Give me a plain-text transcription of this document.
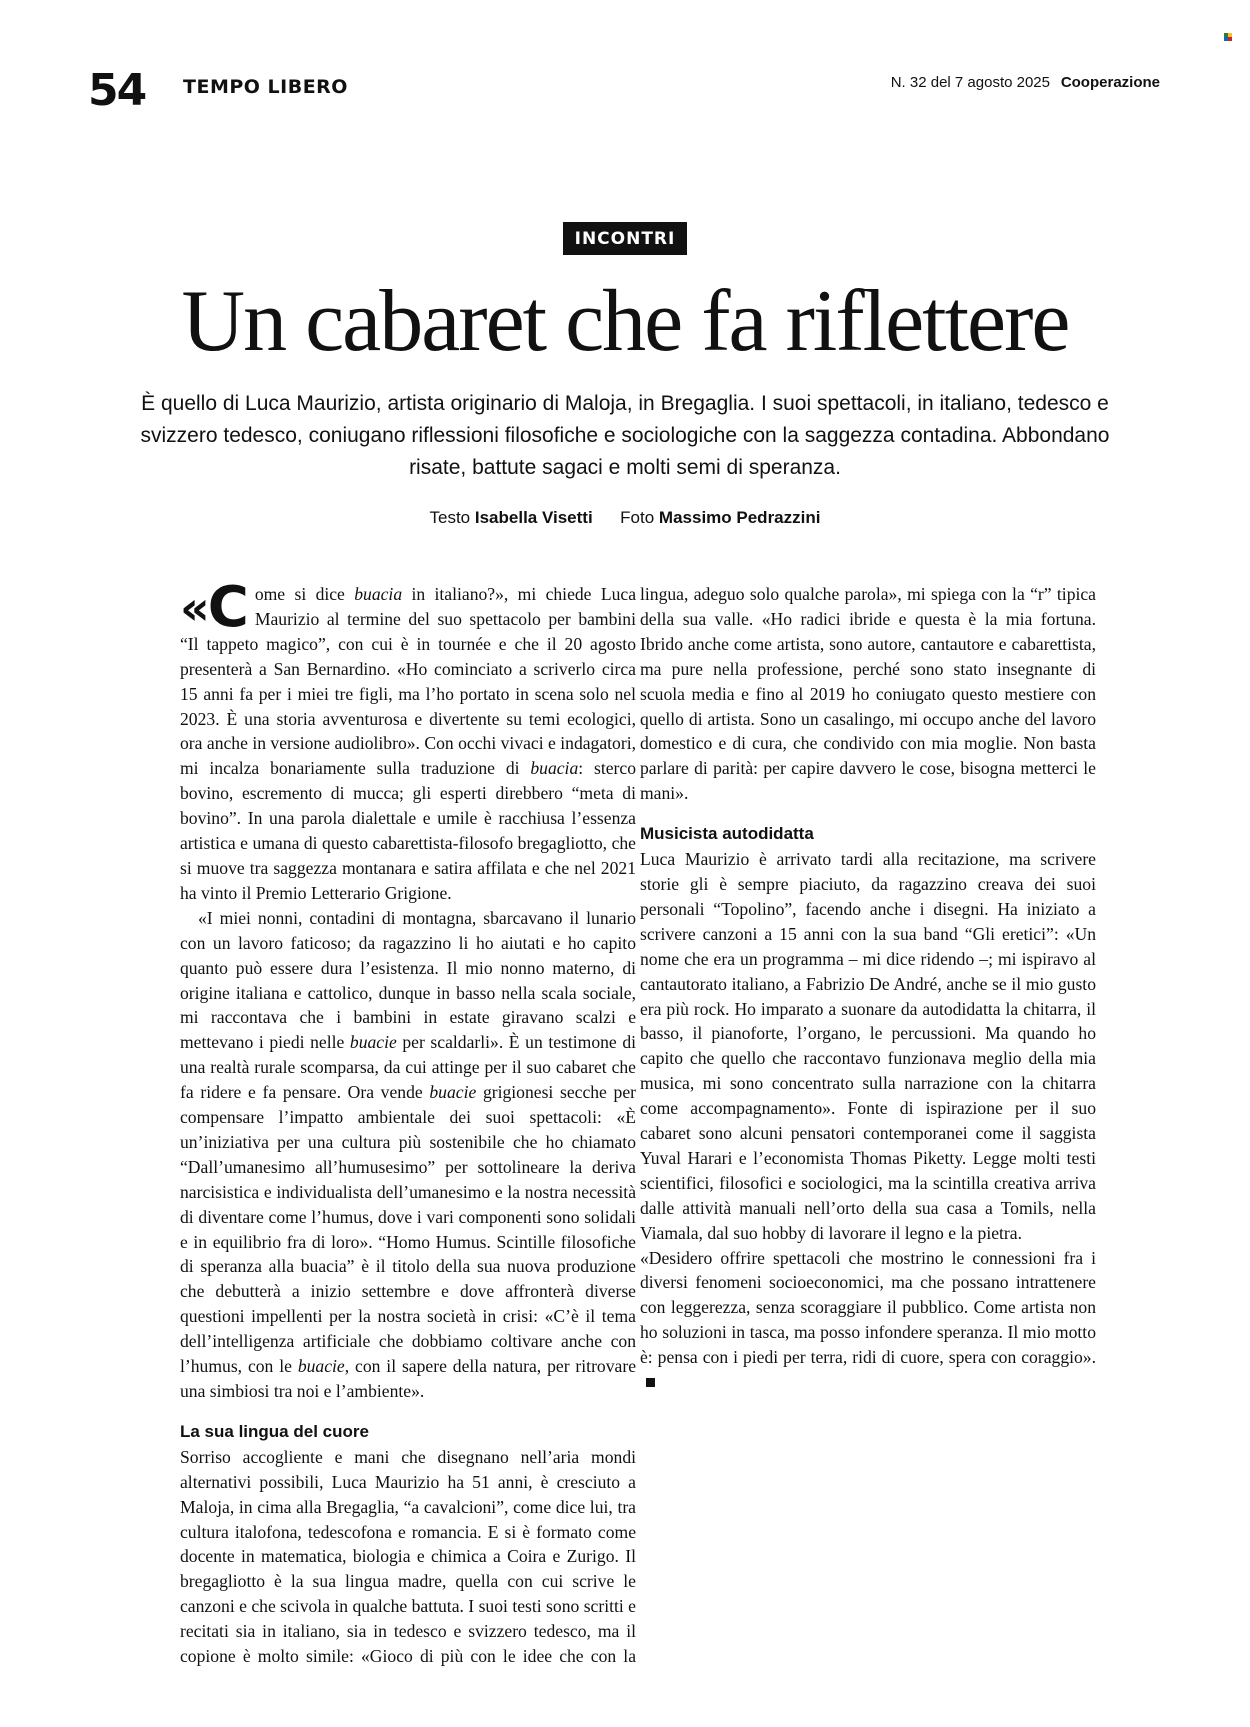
54 TEMPO LIBERO	N. 32 del 7 agosto 2025 Cooperazione
INCONTRI
Un cabaret che fa riflettere

È quello di Luca Maurizio, artista originario di Maloja, in Bregaglia. I suoi spettacoli, in italiano, tedesco e svizzero tedesco, coniugano riflessioni filosofiche e sociologiche con la saggezza contadina. Abbondano risate, battute sagaci e molti semi di speranza.

Testo Isabella Visetti Foto Massimo Pedrazzini

« C ome si dice buacia in italiano?», mi chiede Luca Maurizio al termine del suo spettacolo per bambini “Il tappeto magico”, con cui è in tournée e che il 20 agosto presenterà a San Bernardino. «Ho cominciato a scriverlo circa 15 anni fa per i miei tre figli, ma l’ho portato in scena solo nel 2023. È una storia avventurosa e divertente su temi ecologici, ora anche in versione audiolibro». Con occhi vivaci e indagatori, mi incalza bonariamente sulla traduzione di buacia: sterco bovino, escremento di mucca; gli esperti direbbero “meta di bovino”. In una parola dialettale e umile è racchiusa l’essenza artistica e umana di questo cabarettista-filosofo bregagliotto, che si muove tra saggezza montanara e satira affilata e che nel 2021 ha vinto il Premio Letterario Grigione.

«I miei nonni, contadini di montagna, sbarcavano il lunario con un lavoro faticoso; da ragazzino li ho aiutati e ho capito quanto può essere dura l’esistenza. Il mio nonno materno, di origine italiana e cattolico, dunque in basso nella scala sociale, mi raccontava che i bambini in estate giravano scalzi e mettevano i piedi nelle buacie per scaldarli». È un testimone di una realtà rurale scomparsa, da cui attinge per il suo cabaret che fa ridere e fa pensare. Ora vende buacie grigionesi secche per compensare l’impatto ambientale dei suoi spettacoli: «È un’iniziativa per una cultura più sostenibile che ho chiamato “Dall’umanesimo all’humusesimo” per sottolineare la deriva narcisistica e individualista dell’umanesimo e la nostra necessità di diventare come l’humus, dove i vari componenti sono solidali e in equilibrio fra di loro». “Homo Humus. Scintille filosofiche di speranza alla buacia” è il titolo della sua nuova produzione che debutterà a inizio settembre e dove affronterà diverse questioni impellenti per la nostra società in crisi: «C’è il tema dell’intelligenza artificiale che dobbiamo coltivare anche con l’humus, con le buacie, con il sapere della natura, per ritrovare una simbiosi tra noi e l’ambiente».

La sua lingua del cuore

Sorriso accogliente e mani che disegnano nell’aria mondi alternativi possibili, Luca Maurizio ha 51 anni, è cresciuto a Maloja, in cima alla Bregaglia, “a cavalcioni”, come dice lui, tra cultura italofona, tedescofona e romancia. E si è formato come docente in matematica, biologia e chimica a Coira e Zurigo. Il bregagliotto è la sua lingua madre, quella con cui scrive le canzoni e che scivola in qualche battuta. I suoi testi sono scritti e recitati sia in italiano, sia in tedesco e svizzero tedesco, ma il copione è molto simile: «Gioco di più con le idee che con la

lingua, adeguo solo qualche parola», mi spiega con la “r” tipica della sua valle. «Ho radici ibride e questa è la mia fortuna. Ibrido anche come artista, sono autore, cantautore e cabarettista, ma pure nella professione, perché sono stato insegnante di scuola media e fino al 2019 ho coniugato questo mestiere con quello di artista. Sono un casalingo, mi occupo anche del lavoro domestico e di cura, che condivido con mia moglie. Non basta parlare di parità: per capire davvero le cose, bisogna metterci le mani».

Musicista autodidatta

Luca Maurizio è arrivato tardi alla recitazione, ma scrivere storie gli è sempre piaciuto, da ragazzino creava dei suoi personali “Topolino”, facendo anche i disegni. Ha iniziato a scrivere canzoni a 15 anni con la sua band “Gli eretici”: «Un nome che era un programma – mi dice ridendo –; mi ispiravo al cantautorato italiano, a Fabrizio De André, anche se il mio gusto era più rock. Ho imparato a suonare da autodidatta la chitarra, il basso, il pianoforte, l’organo, le percussioni. Ma quando ho capito che quello che raccontavo funzionava meglio della mia musica, mi sono concentrato sulla narrazione con la chitarra come accompagnamento». Fonte di ispirazione per il suo cabaret sono alcuni pensatori contemporanei come il saggista Yuval Harari e l’economista Thomas Piketty. Legge molti testi scientifici, filosofici e sociologici, ma la scintilla creativa arriva dalle attività manuali nell’orto della sua casa a Tomils, nella Viamala, dal suo hobby di lavorare il legno e la pietra.

«Desidero offrire spettacoli che mostrino le connessioni fra i diversi fenomeni socioeconomici, ma che possano intrattenere con leggerezza, senza scoraggiare il pubblico. Come artista non ho soluzioni in tasca, ma posso infondere speranza. Il mio motto è: pensa con i piedi per terra, ridi di cuore, spera con coraggio».
